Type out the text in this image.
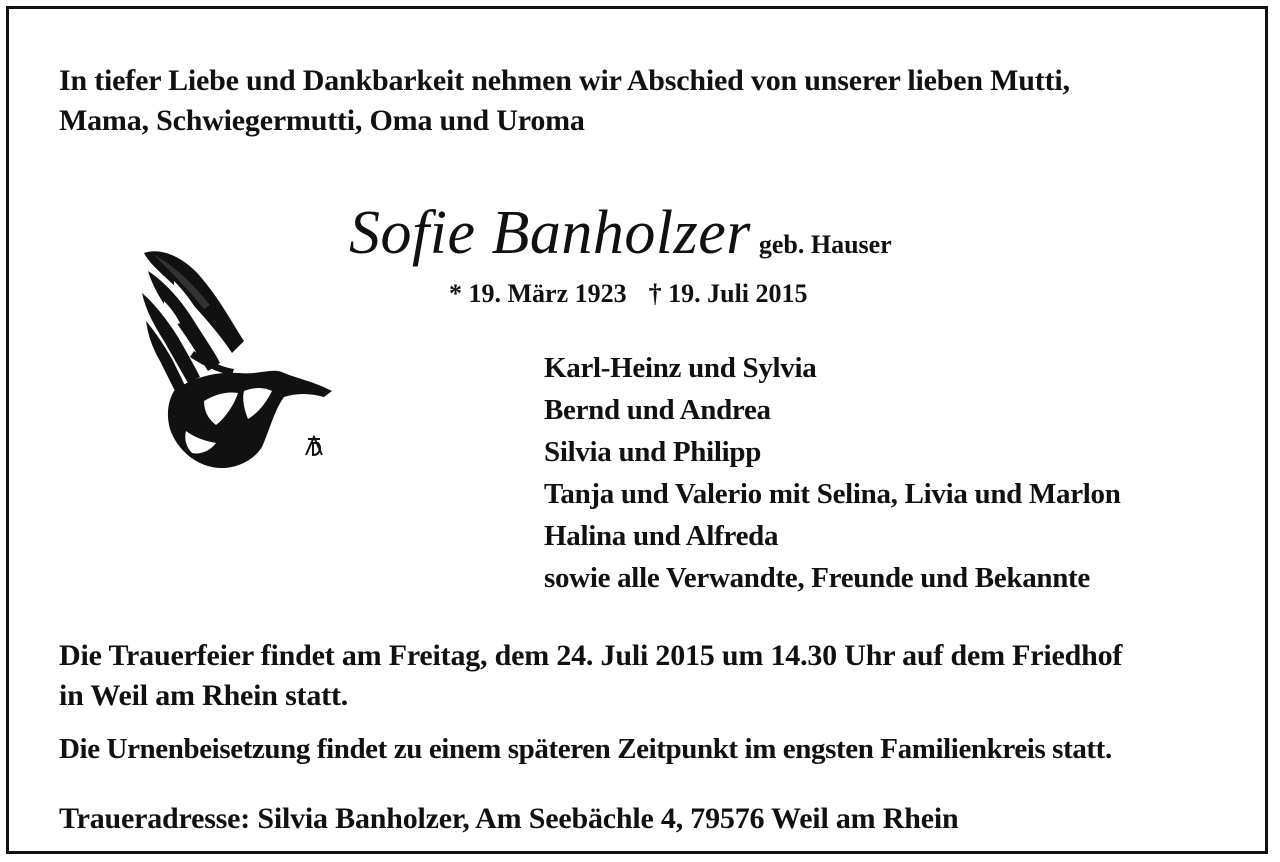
In tiefer Liebe und Dankbarkeit nehmen wir Abschied von unserer lieben Mutti,
Mama, Schwiegermutti, Oma und Uroma

Sofie Banholzer geb. Hauser
* 19. März 1923 † 19. Juli 2015
Karl-Heinz und Sylvia
Bernd und Andrea
Silvia und Philipp
Tanja und Valerio mit Selina, Livia und Marlon
Halina und Alfreda
sowie alle Verwandte, Freunde und Bekannte

Die Trauerfeier findet am Freitag, dem 24. Juli 2015 um 14.30 Uhr auf dem Friedhof
in Weil am Rhein statt.

Die Urnenbeisetzung findet zu einem späteren Zeitpunkt im engsten Familienkreis statt.

Traueradresse: Silvia Banholzer, Am Seebächle 4, 79576 Weil am Rhein
